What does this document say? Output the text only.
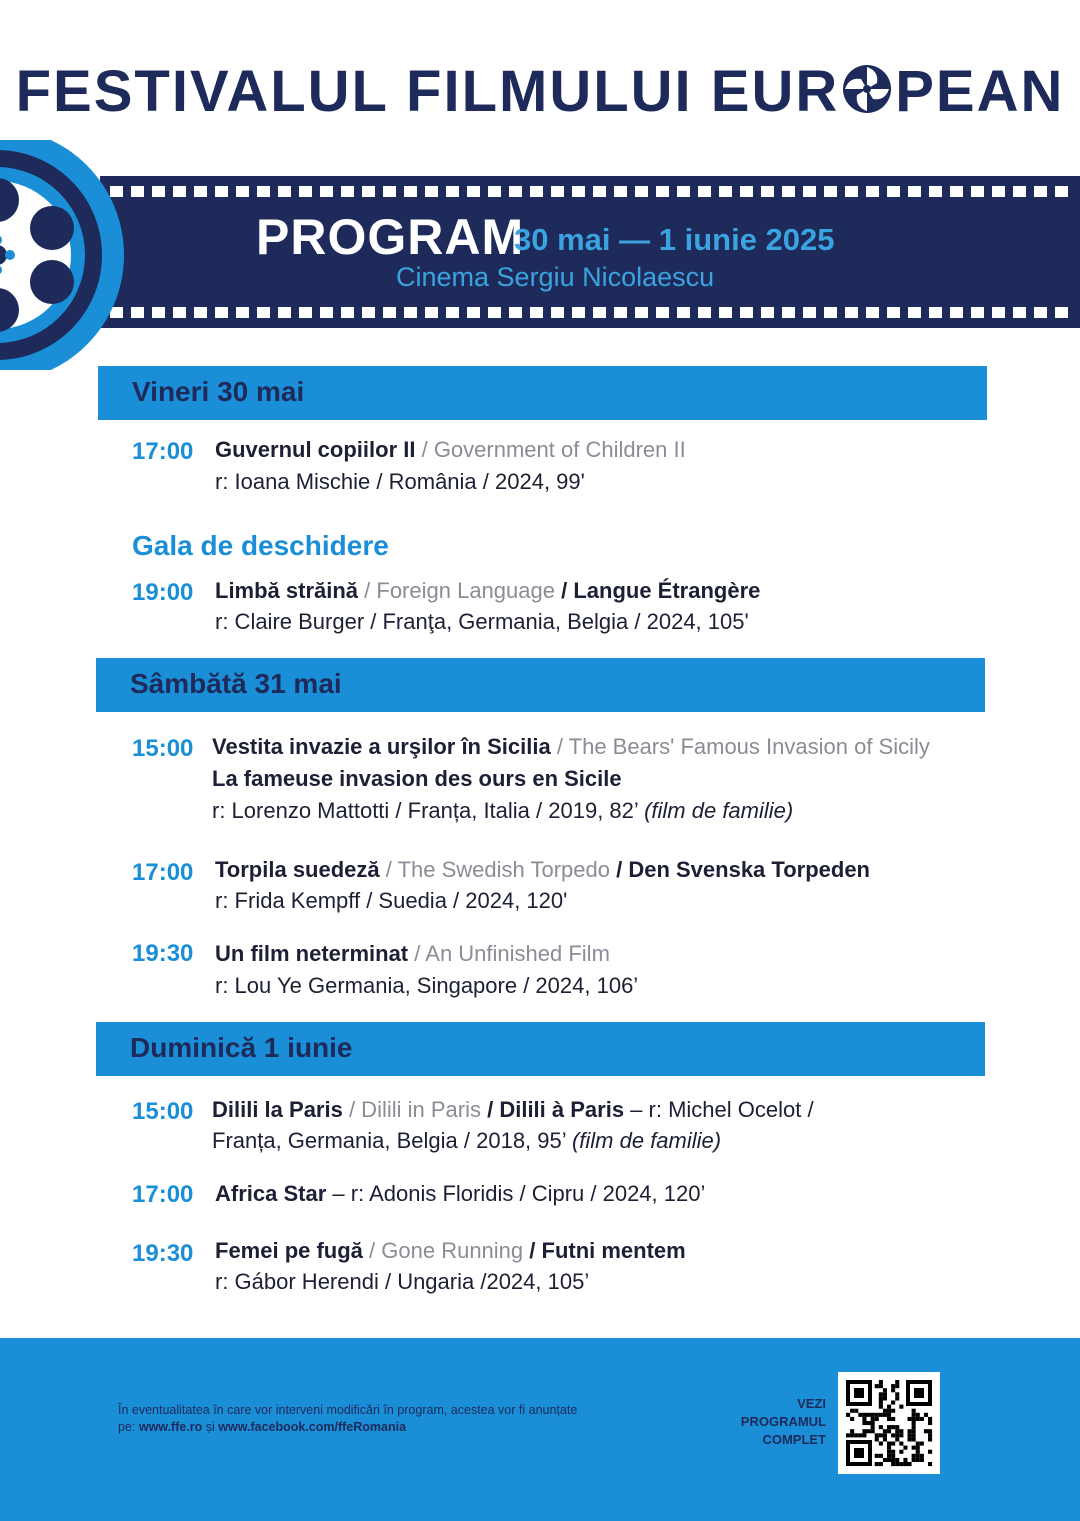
FESTIVALUL FILMULUI EUR PEAN
PROGRAM
30 mai — 1 iunie 2025
Cinema Sergiu Nicolaescu
Vineri 30 mai
17:00 Guvernul copiilor II / Government of Children II
r: Ioana Mischie / România / 2024, 99'
Gala de deschidere
19:00 Limbă străină / Foreign Language / Langue Étrangère
r: Claire Burger / Franţa, Germania, Belgia / 2024, 105'
Sâmbătă 31 mai
15:00 Vestita invazie a urşilor în Sicilia / The Bears' Famous Invasion of Sicily
La fameuse invasion des ours en Sicile
r: Lorenzo Mattotti / Franța, Italia / 2019, 82’ (film de familie)
17:00 Torpila suedeză / The Swedish Torpedo / Den Svenska Torpeden
r: Frida Kempff / Suedia / 2024, 120'
19:30 Un film neterminat / An Unfinished Film
r: Lou Ye Germania, Singapore / 2024, 106’
Duminică 1 iunie
15:00 Dilili la Paris / Dilili in Paris / Dilili à Paris – r: Michel Ocelot /
Franța, Germania, Belgia / 2018, 95’ (film de familie)
17:00 Africa Star – r: Adonis Floridis / Cipru / 2024, 120’
19:30 Femei pe fugă / Gone Running / Futni mentem
r: Gábor Herendi / Ungaria /2024, 105’
În eventualitatea în care vor interveni modificări în program, acestea vor fi anunțate pe: www.ffe.ro și www.facebook.com/ffeRomania
VEZI
PROGRAMUL
COMPLET
